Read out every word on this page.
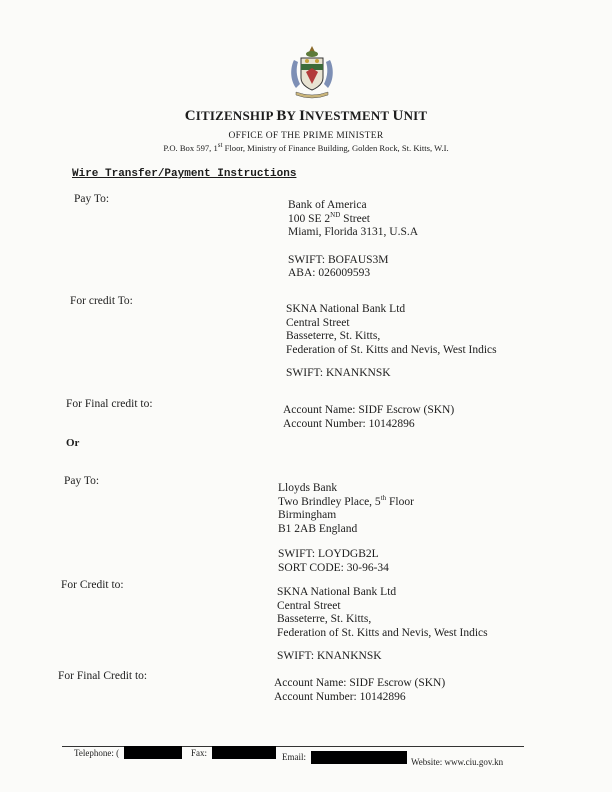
CITIZENSHIP BY INVESTMENT UNIT
OFFICE OF THE PRIME MINISTER
P.O. Box 597, 1st Floor, Ministry of Finance Building, Golden Rock, St. Kitts, W.I.
Wire Transfer/Payment Instructions
Pay To:	Bank of America
100 SE 2ND Street
Miami, Florida 3131, U.S.A
SWIFT: BOFAUS3M
ABA: 026009593
For credit To:
SKNA National Bank Ltd
Central Street
Basseterre, St. Kitts,
Federation of St. Kitts and Nevis, West Indics
SWIFT: KNANKNSK
For Final credit to:	Account Name: SIDF Escrow (SKN)
Account Number: 10142896
Or
Pay To:
Lloyds Bank
Two Brindley Place, 5th Floor
Birmingham
B1 2AB England
SWIFT: LOYDGB2L
SORT CODE: 30-96-34
For Credit to:
SKNA National Bank Ltd
Central Street
Basseterre, St. Kitts,
Federation of St. Kitts and Nevis, West Indics
SWIFT: KNANKNSK
For Final Credit to:
Account Name: SIDF Escrow (SKN)
Account Number: 10142896
Telephone: (	Fax:	Email:	Website: www.ciu.gov.kn
